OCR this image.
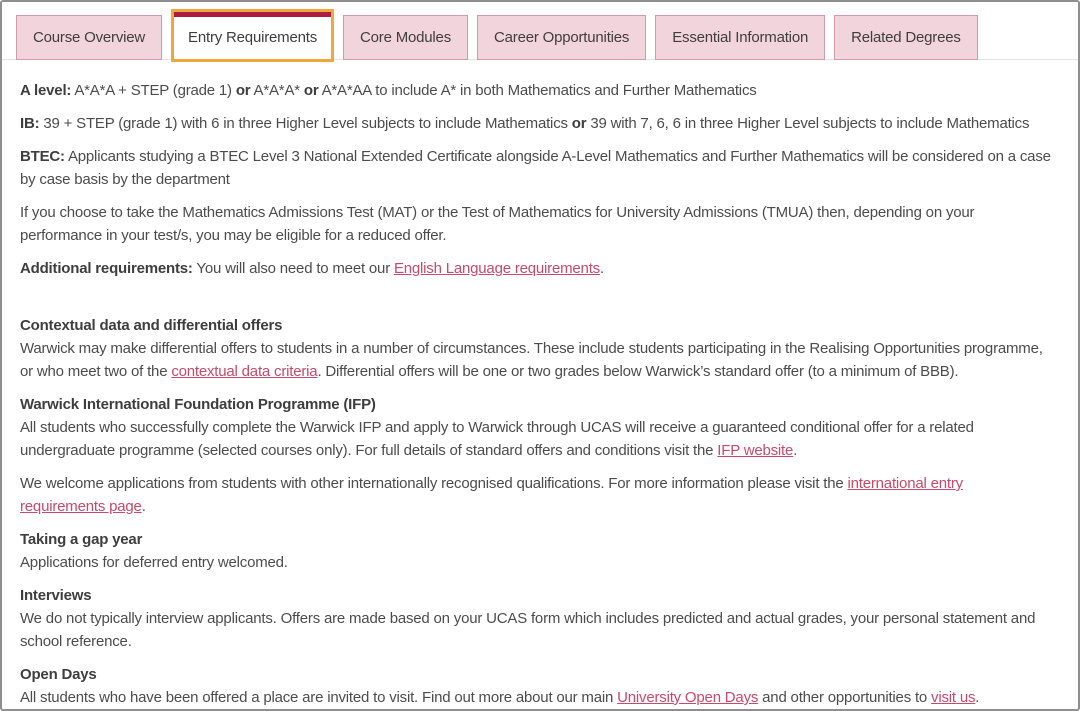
Course Overview	Entry Requirements	Core Modules	Career Opportunities	Essential Information	Related Degrees

A level: A*A*A + STEP (grade 1) or A*A*A* or A*A*AA to include A* in both Mathematics and Further Mathematics

IB: 39 + STEP (grade 1) with 6 in three Higher Level subjects to include Mathematics or 39 with 7, 6, 6 in three Higher Level subjects to include Mathematics

BTEC: Applicants studying a BTEC Level 3 National Extended Certificate alongside A-Level Mathematics and Further Mathematics will be considered on a case by case basis by the department

If you choose to take the Mathematics Admissions Test (MAT) or the Test of Mathematics for University Admissions (TMUA) then, depending on your performance in your test/s, you may be eligible for a reduced offer.

Additional requirements: You will also need to meet our English Language requirements.

Contextual data and differential offers
Warwick may make differential offers to students in a number of circumstances. These include students participating in the Realising Opportunities programme, or who meet two of the contextual data criteria. Differential offers will be one or two grades below Warwick’s standard offer (to a minimum of BBB).

Warwick International Foundation Programme (IFP)
All students who successfully complete the Warwick IFP and apply to Warwick through UCAS will receive a guaranteed conditional offer for a related undergraduate programme (selected courses only). For full details of standard offers and conditions visit the IFP website.

We welcome applications from students with other internationally recognised qualifications. For more information please visit the international entry requirements page.

Taking a gap year
Applications for deferred entry welcomed.

Interviews
We do not typically interview applicants. Offers are made based on your UCAS form which includes predicted and actual grades, your personal statement and school reference.

Open Days
All students who have been offered a place are invited to visit. Find out more about our main University Open Days and other opportunities to visit us.
